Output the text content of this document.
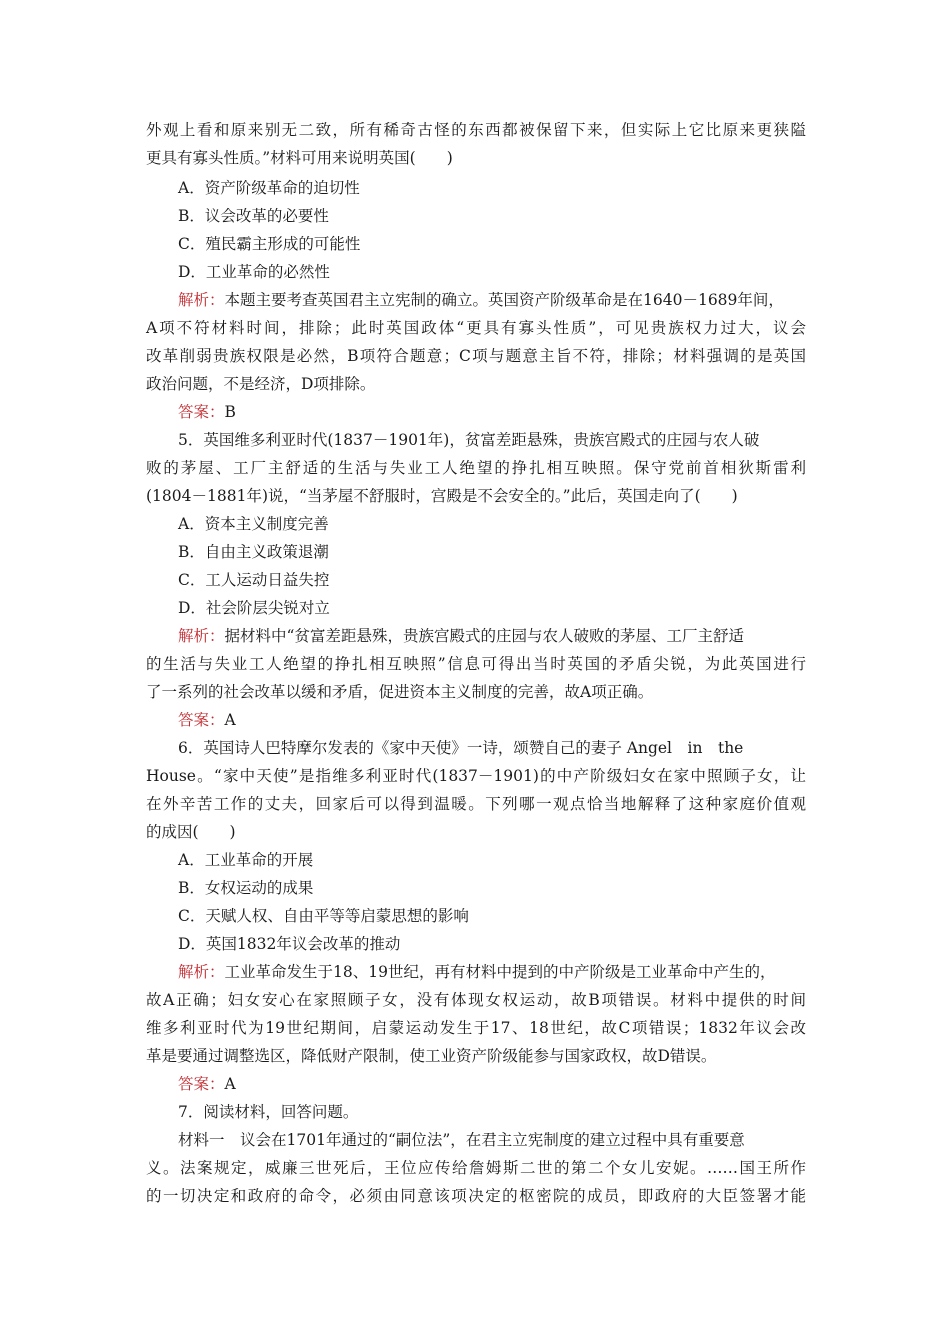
外观上看和原来别无二致，所有稀奇古怪的东西都被保留下来，但实际上它比原来更狭隘
更具有寡头性质。”材料可用来说明英国(　　)
A．资产阶级革命的迫切性
B．议会改革的必要性
C．殖民霸主形成的可能性
D．工业革命的必然性
解析：本题主要考查英国君主立宪制的确立。英国资产阶级革命是在1640－1689年间，
A项不符材料时间，排除；此时英国政体“更具有寡头性质”，可见贵族权力过大，议会
改革削弱贵族权限是必然，B项符合题意；C项与题意主旨不符，排除；材料强调的是英国
政治问题，不是经济，D项排除。
答案：B
5．英国维多利亚时代(1837－1901年)，贫富差距悬殊，贵族宫殿式的庄园与农人破
败的茅屋、工厂主舒适的生活与失业工人绝望的挣扎相互映照。保守党前首相狄斯雷利
(1804－1881年)说，“当茅屋不舒服时，宫殿是不会安全的。”此后，英国走向了(　　)
A．资本主义制度完善
B．自由主义政策退潮
C．工人运动日益失控
D．社会阶层尖锐对立
解析：据材料中“贫富差距悬殊，贵族宫殿式的庄园与农人破败的茅屋、工厂主舒适
的生活与失业工人绝望的挣扎相互映照”信息可得出当时英国的矛盾尖锐，为此英国进行
了一系列的社会改革以缓和矛盾，促进资本主义制度的完善，故A项正确。
答案：A
6．英国诗人巴特摩尔发表的《家中天使》一诗，颂赞自己的妻子 Angel　in　the
House。“家中天使”是指维多利亚时代(1837－1901)的中产阶级妇女在家中照顾子女，让
在外辛苦工作的丈夫，回家后可以得到温暖。下列哪一观点恰当地解释了这种家庭价值观
的成因(　　)
A．工业革命的开展
B．女权运动的成果
C．天赋人权、自由平等等启蒙思想的影响
D．英国1832年议会改革的推动
解析：工业革命发生于18、19世纪，再有材料中提到的中产阶级是工业革命中产生的，
故A正确；妇女安心在家照顾子女，没有体现女权运动，故B项错误。材料中提供的时间
维多利亚时代为19世纪期间，启蒙运动发生于17、18世纪，故C项错误；1832年议会改
革是要通过调整选区，降低财产限制，使工业资产阶级能参与国家政权，故D错误。
答案：A
7．阅读材料，回答问题。
材料一　议会在1701年通过的“嗣位法”，在君主立宪制度的建立过程中具有重要意
义。法案规定，威廉三世死后，王位应传给詹姆斯二世的第二个女儿安妮。……国王所作
的一切决定和政府的命令，必须由同意该项决定的枢密院的成员，即政府的大臣签署才能
